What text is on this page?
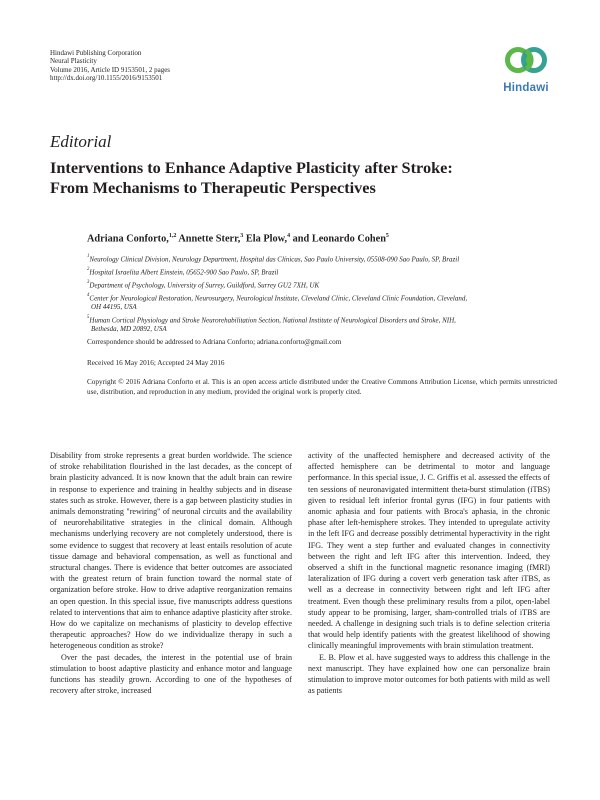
Hindawi Publishing Corporation
Neural Plasticity
Volume 2016, Article ID 9153501, 2 pages
http://dx.doi.org/10.1155/2016/9153501
Hindawi
Editorial
Interventions to Enhance Adaptive Plasticity after Stroke:
From Mechanisms to Therapeutic Perspectives
Adriana Conforto,$^{1,2}$ Annette Sterr,$^3$ Ela Plow,$^4$ and Leonardo Cohen$^5$
$^1$Neurology Clinical Division, Neurology Department, Hospital das Clínicas, Sao Paulo University, 05508-090 Sao Paulo, SP, Brazil
$^2$Hospital Israelita Albert Einstein, 05652-900 Sao Paulo, SP, Brazil
$^3$Department of Psychology, University of Surrey, Guildford, Surrey GU2 7XH, UK
$^4$Center for Neurological Restoration, Neurosurgery, Neurological Institute, Cleveland Clinic, Cleveland Clinic Foundation, Cleveland,
OH 44195, USA
$^5$Human Cortical Physiology and Stroke Neurorehabilitation Section, National Institute of Neurological Disorders and Stroke, NIH,
Bethesda, MD 20892, USA
Correspondence should be addressed to Adriana Conforto; adriana.conforto@gmail.com
Received 16 May 2016; Accepted 24 May 2016
Copyright © 2016 Adriana Conforto et al. This is an open access article distributed under the Creative Commons Attribution License, which permits unrestricted use, distribution, and reproduction in any medium, provided the original work is properly cited.

Disability from stroke represents a great burden worldwide. The science of stroke rehabilitation flourished in the last decades, as the concept of brain plasticity advanced. It is now known that the adult brain can rewire in response to experience and training in healthy subjects and in disease states such as stroke. However, there is a gap between plasticity studies in animals demonstrating "rewiring" of neuronal circuits and the availability of neurorehabilitative strategies in the clinical domain. Although mechanisms underlying recovery are not completely understood, there is some evidence to suggest that recovery at least entails resolution of acute tissue damage and behavioral compensation, as well as functional and structural changes. There is evidence that better outcomes are associated with the greatest return of brain function toward the normal state of organization before stroke. How to drive adaptive reorganization remains an open question. In this special issue, five manuscripts address questions related to interventions that aim to enhance adaptive plasticity after stroke. How do we capitalize on mechanisms of plasticity to develop effective therapeutic approaches? How do we individualize therapy in such a heterogeneous condition as stroke?

Over the past decades, the interest in the potential use of brain stimulation to boost adaptive plasticity and enhance motor and language functions has steadily grown. According to one of the hypotheses of recovery after stroke, increased

activity of the unaffected hemisphere and decreased activity of the affected hemisphere can be detrimental to motor and language performance. In this special issue, J. C. Griffis et al. assessed the effects of ten sessions of neuronavigated intermittent theta-burst stimulation (iTBS) given to residual left inferior frontal gyrus (IFG) in four patients with anomic aphasia and four patients with Broca's aphasia, in the chronic phase after left-hemisphere strokes. They intended to upregulate activity in the left IFG and decrease possibly detrimental hyperactivity in the right IFG. They went a step further and evaluated changes in connectivity between the right and left IFG after this intervention. Indeed, they observed a shift in the functional magnetic resonance imaging (fMRI) lateralization of IFG during a covert verb generation task after iTBS, as well as a decrease in connectivity between right and left IFG after treatment. Even though these preliminary results from a pilot, open-label study appear to be promising, larger, sham-controlled trials of iTBS are needed. A challenge in designing such trials is to define selection criteria that would help identify patients with the greatest likelihood of showing clinically meaningful improvements with brain stimulation treatment.

E. B. Plow et al. have suggested ways to address this challenge in the next manuscript. They have explained how one can personalize brain stimulation to improve motor outcomes for both patients with mild as well as patients
